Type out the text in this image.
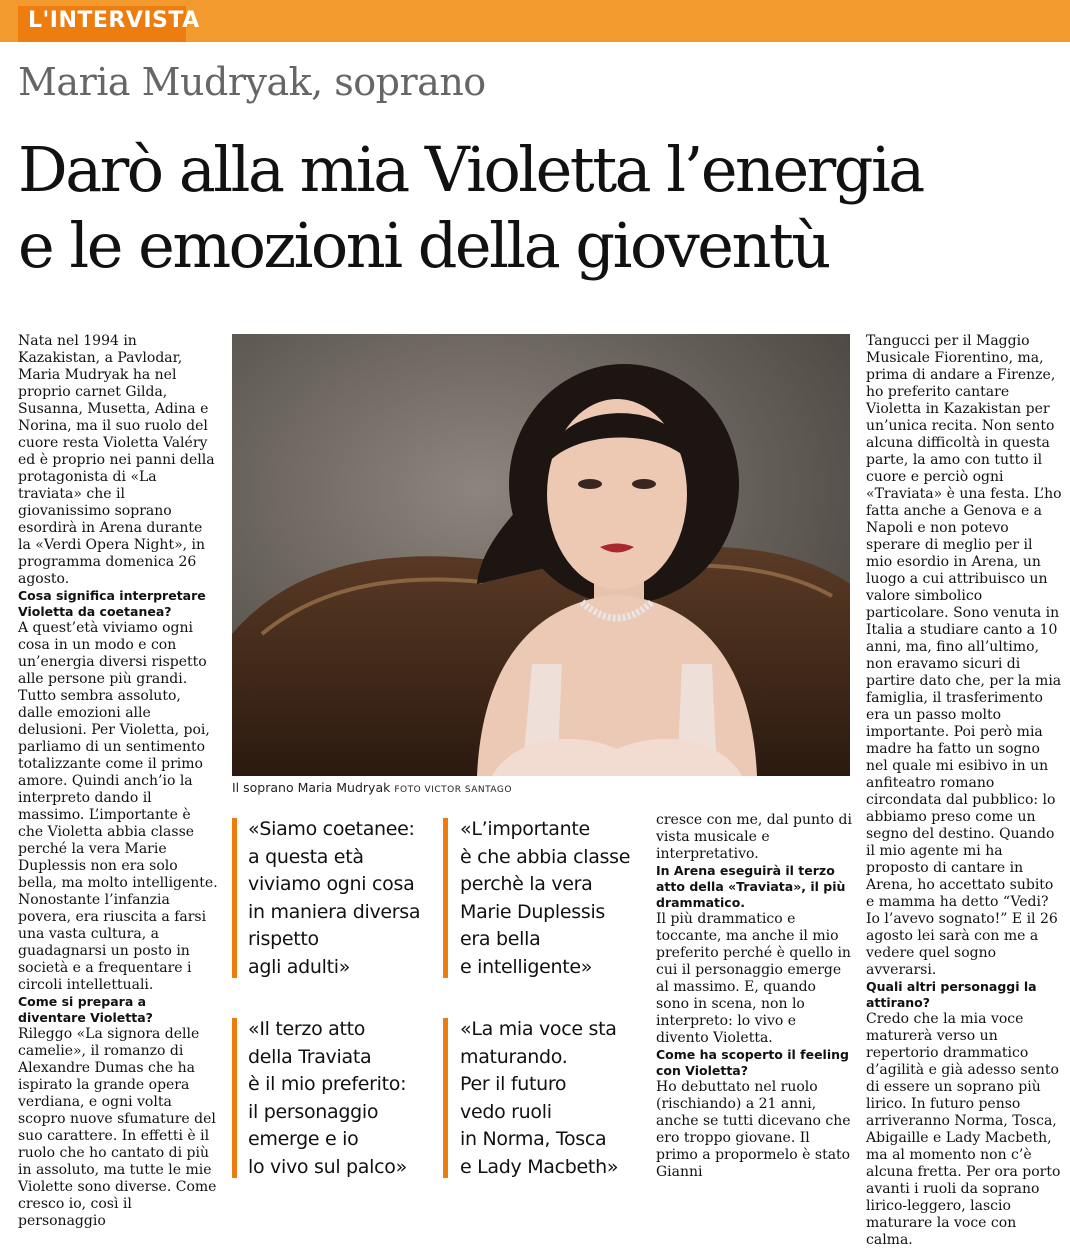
L'INTERVISTA
Maria Mudryak, soprano
Darò alla mia Violetta l’energia
e le emozioni della gioventù

Nata nel 1994 in Kazakistan, a Pavlodar, Maria Mudryak ha nel proprio carnet Gilda, Susanna, Musetta, Adina e Norina, ma il suo ruolo del cuore resta Violetta Valéry ed è proprio nei panni della protagonista di «La traviata» che il giovanissimo soprano esordirà in Arena durante la «Verdi Opera Night», in programma domenica 26 agosto.

Cosa significa interpretare Violetta da coetanea?

A quest’età viviamo ogni cosa in un modo e con un’energia diversi rispetto alle persone più grandi. Tutto sembra assoluto, dalle emozioni alle delusioni. Per Violetta, poi, parliamo di un sentimento totalizzante come il primo amore. Quindi anch’io la interpreto dando il massimo. L’importante è che Violetta abbia classe perché la vera Marie Duplessis non era solo bella, ma molto intelligente. Nonostante l’infanzia povera, era riuscita a farsi una vasta cultura, a guadagnarsi un posto in società e a frequentare i circoli intellettuali.

Come si prepara a diventare Violetta?

Rileggo «La signora delle camelie», il romanzo di Alexandre Dumas che ha ispirato la grande opera verdiana, e ogni volta scopro nuove sfumature del suo carattere. In effetti è il ruolo che ho cantato di più in assoluto, ma tutte le mie Violette sono diverse. Come cresco io, così il personaggio

Il soprano Maria Mudryak FOTO VICTOR SANTAGO
«Siamo coetanee:
a questa età
viviamo ogni cosa
in maniera diversa
rispetto
agli adulti»
«L’importante
è che abbia classe
perchè la vera
Marie Duplessis
era bella
e intelligente»
«Il terzo atto
della Traviata
è il mio preferito:
il personaggio
emerge e io
lo vivo sul palco»
«La mia voce sta
maturando.
Per il futuro
vedo ruoli
in Norma, Tosca
e Lady Macbeth»

cresce con me, dal punto di vista musicale e interpretativo.

In Arena eseguirà il terzo atto della «Traviata», il più drammatico.

Il più drammatico e toccante, ma anche il mio preferito perché è quello in cui il personaggio emerge al massimo. E, quando sono in scena, non lo interpreto: lo vivo e divento Violetta.

Come ha scoperto il feeling con Violetta?

Ho debuttato nel ruolo (rischiando) a 21 anni, anche se tutti dicevano che ero troppo giovane. Il primo a propormelo è stato Gianni

Tangucci per il Maggio Musicale Fiorentino, ma, prima di andare a Firenze, ho preferito cantare Violetta in Kazakistan per un’unica recita. Non sento alcuna difficoltà in questa parte, la amo con tutto il cuore e perciò ogni «Traviata» è una festa. L’ho fatta anche a Genova e a Napoli e non potevo sperare di meglio per il mio esordio in Arena, un luogo a cui attribuisco un valore simbolico particolare. Sono venuta in Italia a studiare canto a 10 anni, ma, fino all’ultimo, non eravamo sicuri di partire dato che, per la mia famiglia, il trasferimento era un passo molto importante. Poi però mia madre ha fatto un sogno nel quale mi esibivo in un anfiteatro romano circondata dal pubblico: lo abbiamo preso come un segno del destino. Quando il mio agente mi ha proposto di cantare in Arena, ho accettato subito e mamma ha detto “Vedi? Io l’avevo sognato!” E il 26 agosto lei sarà con me a vedere quel sogno avverarsi.

Quali altri personaggi la attirano?

Credo che la mia voce maturerà verso un repertorio drammatico d’agilità e già adesso sento di essere un soprano più lirico. In futuro penso arriveranno Norma, Tosca, Abigaille e Lady Macbeth, ma al momento non c’è alcuna fretta. Per ora porto avanti i ruoli da soprano lirico-leggero, lascio maturare la voce con calma.
